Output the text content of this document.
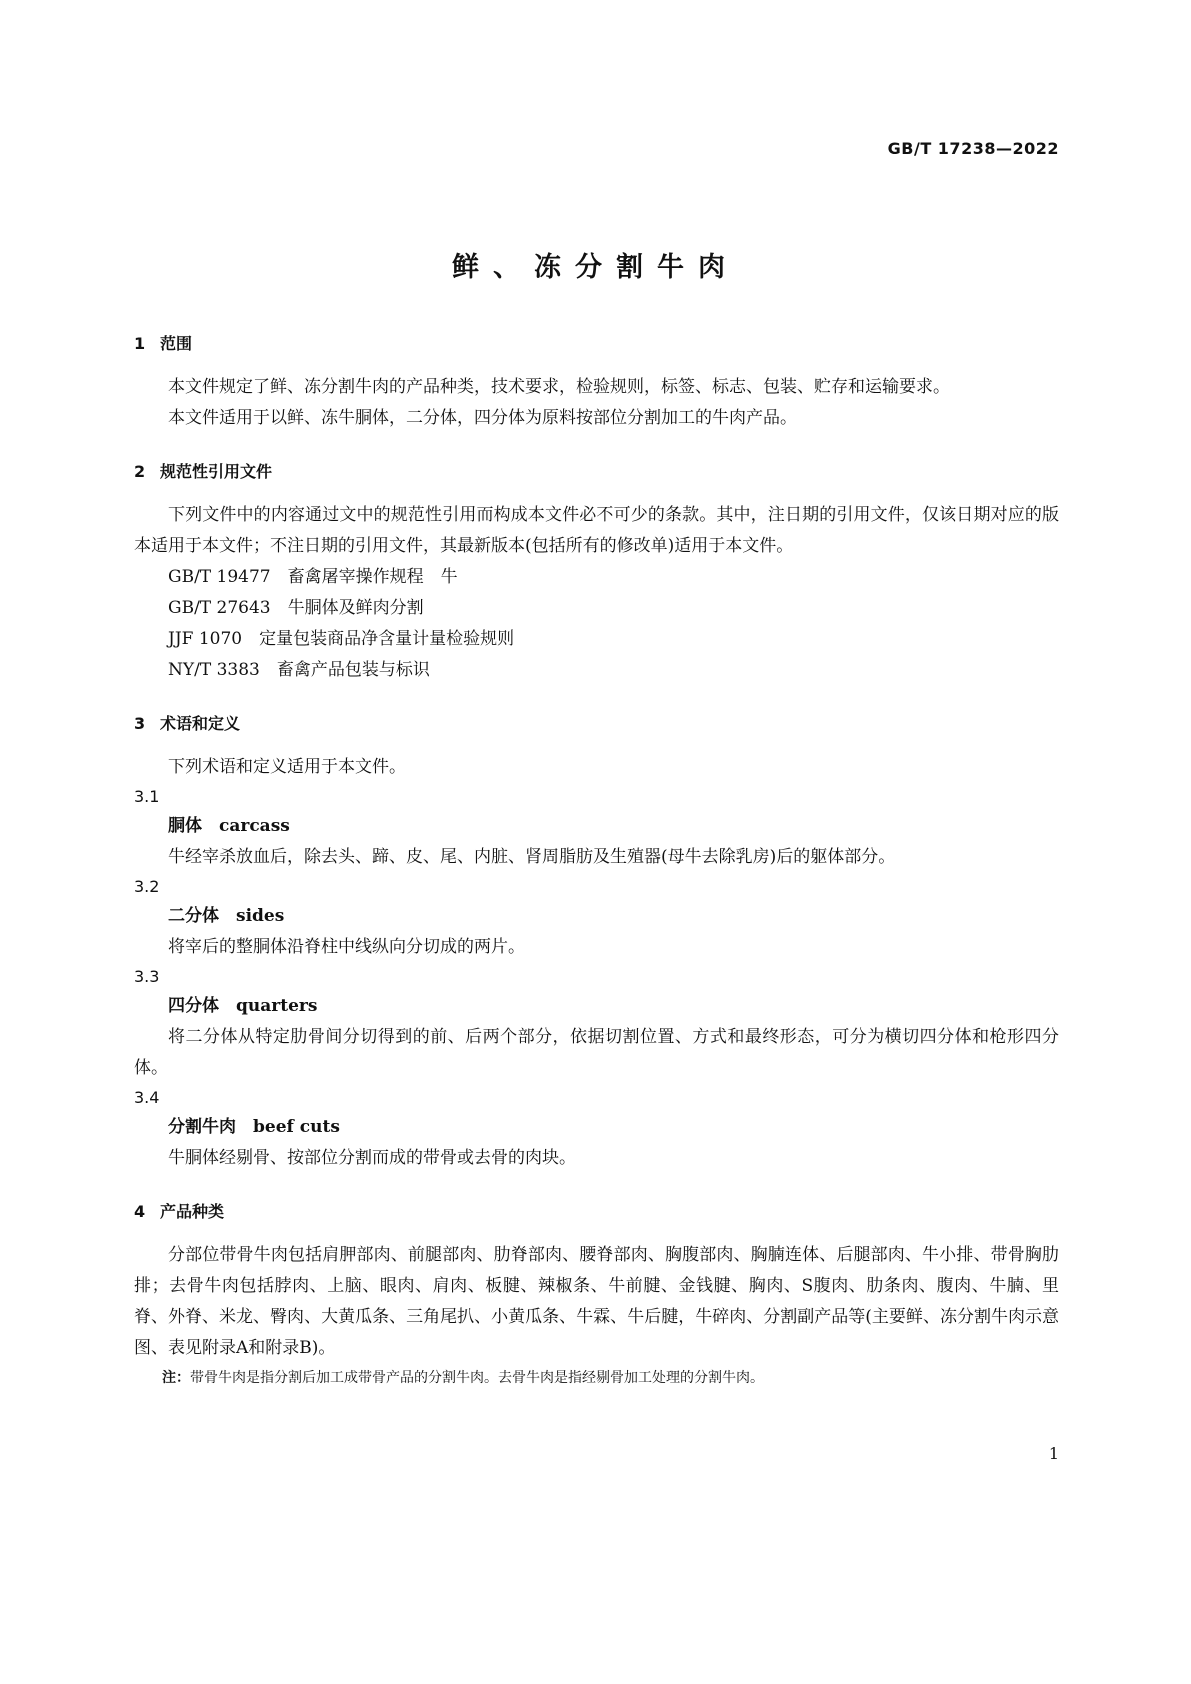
GB/T 17238—2022
鲜、冻分割牛肉
1 范围

本文件规定了鲜、冻分割牛肉的产品种类，技术要求，检验规则，标签、标志、包装、贮存和运输要求。

本文件适用于以鲜、冻牛胴体，二分体，四分体为原料按部位分割加工的牛肉产品。

2 规范性引用文件

下列文件中的内容通过文中的规范性引用而构成本文件必不可少的条款。其中，注日期的引用文件，仅该日期对应的版本适用于本文件；不注日期的引用文件，其最新版本(包括所有的修改单)适用于本文件。

GB/T 19477　畜禽屠宰操作规程　牛
GB/T 27643　牛胴体及鲜肉分割
JJF 1070　定量包装商品净含量计量检验规则
NY/T 3383　畜禽产品包装与标识
3 术语和定义

下列术语和定义适用于本文件。

3.1

胴体　carcass

牛经宰杀放血后，除去头、蹄、皮、尾、内脏、肾周脂肪及生殖器(母牛去除乳房)后的躯体部分。

3.2

二分体　sides

将宰后的整胴体沿脊柱中线纵向分切成的两片。

3.3

四分体　quarters

将二分体从特定肋骨间分切得到的前、后两个部分，依据切割位置、方式和最终形态，可分为横切四分体和枪形四分体。

3.4

分割牛肉　beef cuts

牛胴体经剔骨、按部位分割而成的带骨或去骨的肉块。

4 产品种类

分部位带骨牛肉包括肩胛部肉、前腿部肉、肋脊部肉、腰脊部肉、胸腹部肉、胸腩连体、后腿部肉、牛小排、带骨胸肋排；去骨牛肉包括脖肉、上脑、眼肉、肩肉、板腱、辣椒条、牛前腱、金钱腱、胸肉、S腹肉、肋条肉、腹肉、牛腩、里脊、外脊、米龙、臀肉、大黄瓜条、三角尾扒、小黄瓜条、牛霖、牛后腱，牛碎肉、分割副产品等(主要鲜、冻分割牛肉示意图、表见附录A和附录B)。

注：带骨牛肉是指分割后加工成带骨产品的分割牛肉。去骨牛肉是指经剔骨加工处理的分割牛肉。

1
